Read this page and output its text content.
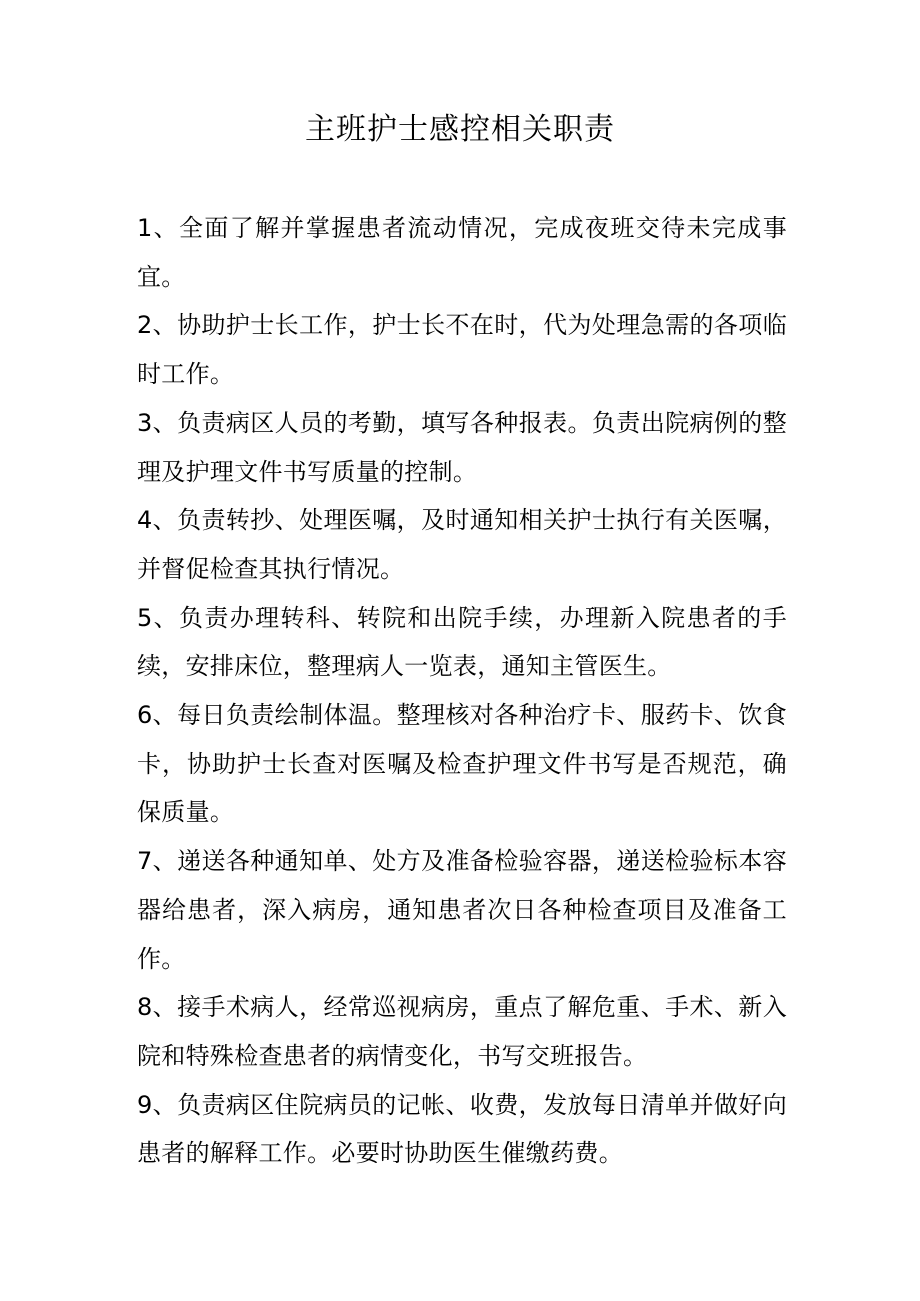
主班护士感控相关职责

1、全面了解并掌握患者流动情况，完成夜班交待未完成事宜。

2、协助护士长工作，护士长不在时，代为处理急需的各项临时工作。

3、负责病区人员的考勤，填写各种报表。负责出院病例的整理及护理文件书写质量的控制。

4、负责转抄、处理医嘱，及时通知相关护士执行有关医嘱，并督促检查其执行情况。

5、负责办理转科、转院和出院手续，办理新入院患者的手续，安排床位，整理病人一览表，通知主管医生。

6、每日负责绘制体温。整理核对各种治疗卡、服药卡、饮食卡，协助护士长查对医嘱及检查护理文件书写是否规范，确保质量。

7、递送各种通知单、处方及准备检验容器，递送检验标本容器给患者，深入病房，通知患者次日各种检查项目及准备工作。

8、接手术病人，经常巡视病房，重点了解危重、手术、新入院和特殊检查患者的病情变化，书写交班报告。

9、负责病区住院病员的记帐、收费，发放每日清单并做好向患者的解释工作。必要时协助医生催缴药费。
